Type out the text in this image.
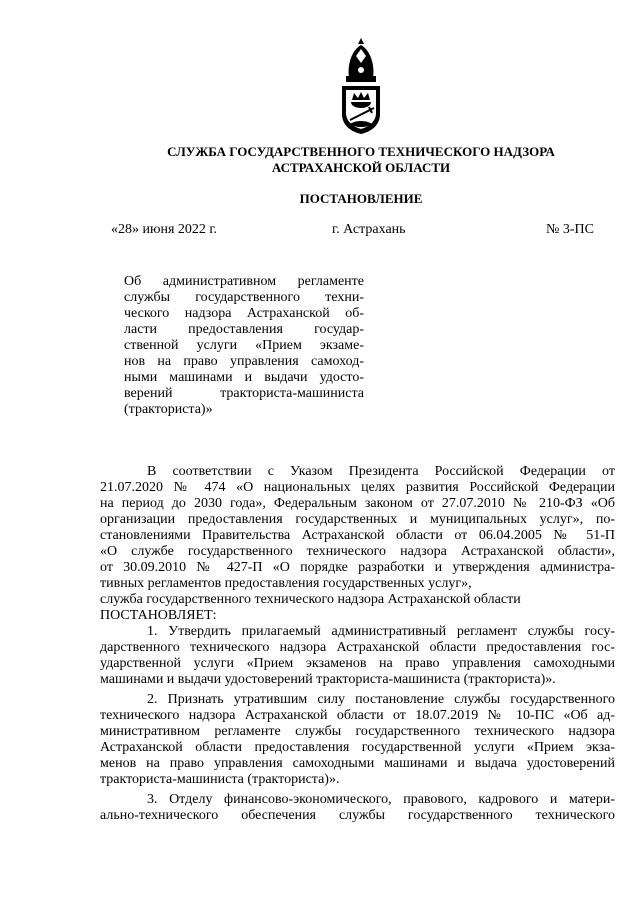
СЛУЖБА ГОСУДАРСТВЕННОГО ТЕХНИЧЕСКОГО НАДЗОРА
АСТРАХАНСКОЙ ОБЛАСТИ
ПОСТАНОВЛЕНИЕ
«28» июня 2022 г.	г. Астрахань	№ 3-ПС
Об административном регламенте
службы государственного техни-
ческого надзора Астраханской об-
ласти предоставления государ-
ственной услуги «Прием экзаме-
нов на право управления самоход-
ными машинами и выдачи удосто-
верений тракториста-машиниста
(тракториста)»
В соответствии с Указом Президента Российской Федерации от
21.07.2020 № 474 «О национальных целях развития Российской Федерации
на период до 2030 года», Федеральным законом от 27.07.2010 № 210-ФЗ «Об
организации предоставления государственных и муниципальных услуг», по-
становлениями Правительства Астраханской области от 06.04.2005 № 51-П
«О службе государственного технического надзора Астраханской области»,
от 30.09.2010 № 427-П «О порядке разработки и утверждения администра-
тивных регламентов предоставления государственных услуг»,
служба государственного технического надзора Астраханской области
ПОСТАНОВЛЯЕТ:
1. Утвердить прилагаемый административный регламент службы госу-
дарственного технического надзора Астраханской области предоставления гос-
ударственной услуги «Прием экзаменов на право управления самоходными
машинами и выдачи удостоверений тракториста-машиниста (тракториста)».
2. Признать утратившим силу постановление службы государственного
технического надзора Астраханской области от 18.07.2019 № 10-ПС «Об ад-
министративном регламенте службы государственного технического надзора
Астраханской области предоставления государственной услуги «Прием экза-
менов на право управления самоходными машинами и выдача удостоверений
тракториста-машиниста (тракториста)».
3. Отделу финансово-экономического, правового, кадрового и матери-
ально-технического обеспечения службы государственного технического
